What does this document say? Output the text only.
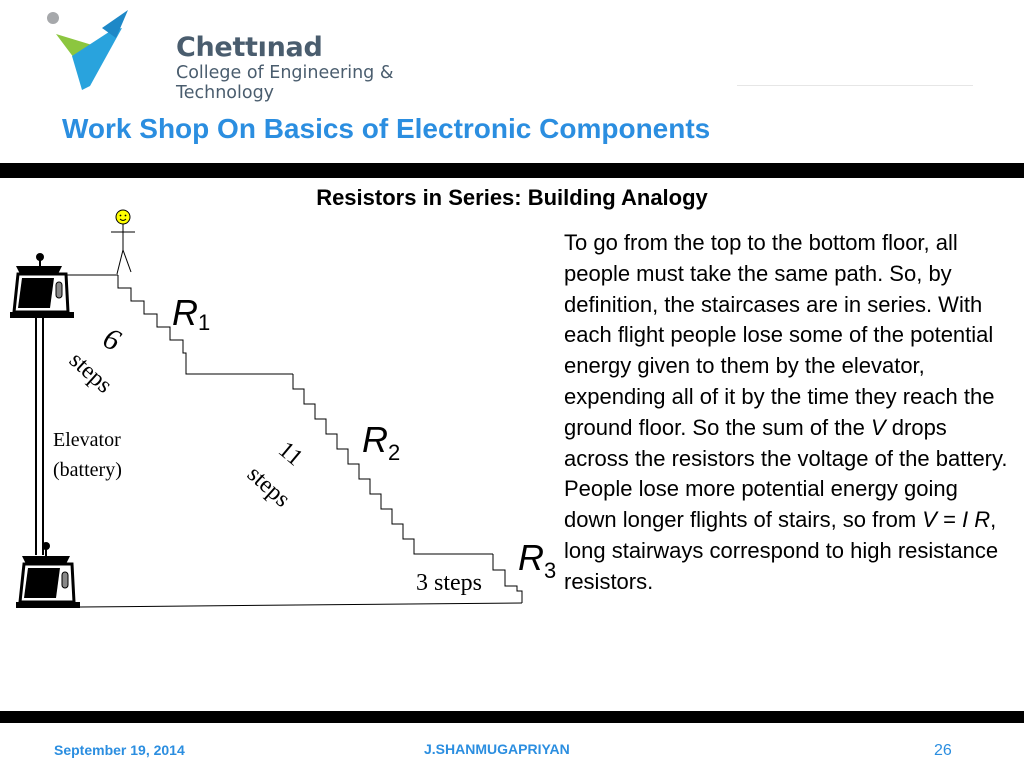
Chettınad
College of Engineering & Technology
Work Shop On Basics of Electronic Components
Resistors in Series: Building Analogy
R1
$R_2$
$R_3$
6
steps
11
steps
3 steps
Elevator
(battery)

To go from the top to the bottom floor, all people must take the same path. So, by definition, the staircases are in series. With each flight people lose some of the potential energy given to them by the elevator, expending all of it by the time they reach the ground floor. So the sum of the V drops across the resistors the voltage of the battery. People lose more potential energy going down longer flights of stairs, so from V = I R, long stairways correspond to high resistance resistors.

September 19, 2014	J.SHANMUGAPRIYAN	26
